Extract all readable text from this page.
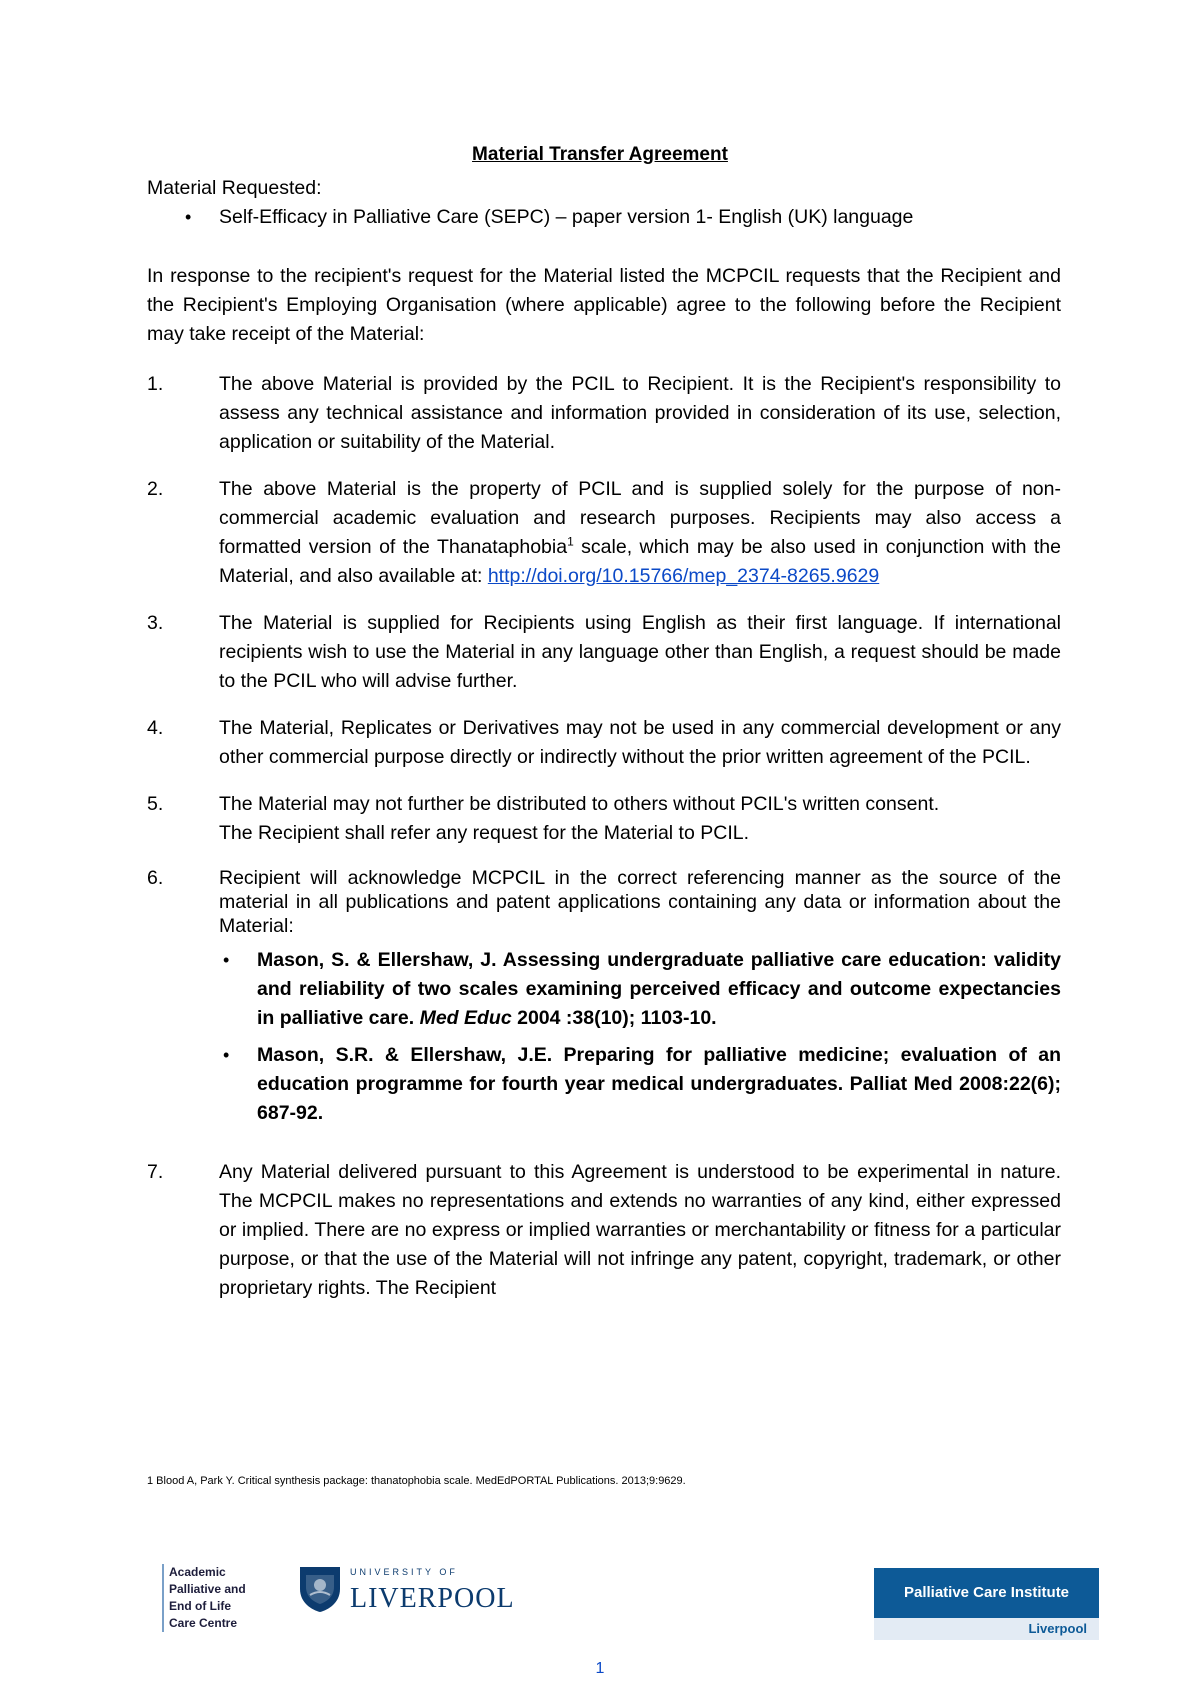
Material Transfer Agreement
Material Requested:
• Self-Efficacy in Palliative Care (SEPC) – paper version 1- English (UK) language
In response to the recipient's request for the Material listed the MCPCIL requests that the Recipient and the Recipient's Employing Organisation (where applicable) agree to the following before the Recipient may take receipt of the Material:
1.	The above Material is provided by the PCIL to Recipient. It is the Recipient's responsibility to assess any technical assistance and information provided in consideration of its use, selection, application or suitability of the Material.
2.	The above Material is the property of PCIL and is supplied solely for the purpose of non-commercial academic evaluation and research purposes. Recipients may also access a formatted version of the Thanataphobia$^1$ scale, which may be also used in conjunction with the Material, and also available at: http://doi.org/10.15766/mep_2374-8265.9629
3.	The Material is supplied for Recipients using English as their first language. If international recipients wish to use the Material in any language other than English, a request should be made to the PCIL who will advise further.
4.	The Material, Replicates or Derivatives may not be used in any commercial development or any other commercial purpose directly or indirectly without the prior written agreement of the PCIL.
5.	The Material may not further be distributed to others without PCIL's written consent.
The Recipient shall refer any request for the Material to PCIL.
6.	Recipient will acknowledge MCPCIL in the correct referencing manner as the source of the material in all publications and patent applications containing any data or information about the Material:
• Mason, S. & Ellershaw, J. Assessing undergraduate palliative care education: validity and reliability of two scales examining perceived efficacy and outcome expectancies in palliative care. Med Educ 2004 :38(10); 1103-10.
• Mason, S.R. & Ellershaw, J.E. Preparing for palliative medicine; evaluation of an education programme for fourth year medical undergraduates. Palliat Med 2008:22(6); 687-92.
7.	Any Material delivered pursuant to this Agreement is understood to be experimental in nature. The MCPCIL makes no representations and extends no warranties of any kind, either expressed or implied. There are no express or implied warranties or merchantability or fitness for a particular purpose, or that the use of the Material will not infringe any patent, copyright, trademark, or other proprietary rights. The Recipient
1 Blood A, Park Y. Critical synthesis package: thanatophobia scale. MedEdPORTAL Publications. 2013;9:9629.
Academic
Palliative and
End of Life
Care Centre
UNIVERSITY OF
LIVERPOOL	Palliative Care Institute
Liverpool
1
